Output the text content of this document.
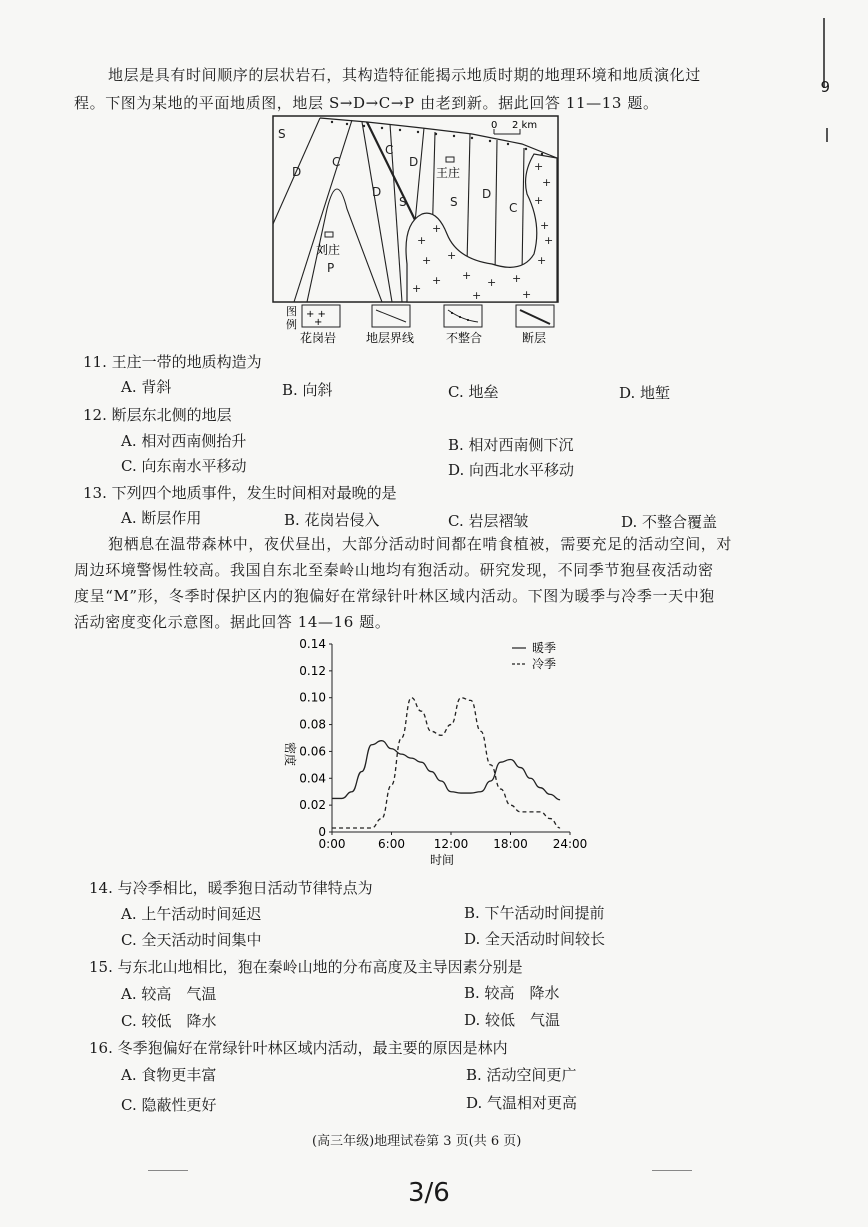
9
地层是具有时间顺序的层状岩石，其构造特征能揭示地质时期的地理环境和地质演化过
程。下图为某地的平面地质图，地层 S→D→C→P 由老到新。据此回答 11—13 题。
+
+
+ +
+ +
+ +
+
+
+
+
+
+
+
+	+
S
D
C
C
D
D
S	S
D
C
P
王庄
刘庄
0 2 km
图
例
+ +
+
花岗岩 地层界线	不整合	断层
11. 王庄一带的地质构造为
A. 背斜	B. 向斜	C. 地垒	D. 地堑
12. 断层东北侧的地层
A. 相对西南侧抬升	B. 相对西南侧下沉
C. 向东南水平移动	D. 向西北水平移动
13. 下列四个地质事件，发生时间相对最晚的是
A. 断层作用	B. 花岗岩侵入	C. 岩层褶皱	D. 不整合覆盖
狍栖息在温带森林中，夜伏昼出，大部分活动时间都在啃食植被，需要充足的活动空间，对
周边环境警惕性较高。我国自东北至秦岭山地均有狍活动。研究发现，不同季节狍昼夜活动密
度呈“M”形，冬季时保护区内的狍偏好在常绿针叶林区域内活动。下图为暖季与冷季一天中狍
活动密度变化示意图。据此回答 14—16 题。
0
0.02
0.04
0.06
0.08
0.10
0.12
0.14
0:00	6:00 12:00 18:00 24:00
密度
时间
暖季
冷季
14. 与冷季相比，暖季狍日活动节律特点为
A. 上午活动时间延迟	B. 下午活动时间提前
C. 全天活动时间集中	D. 全天活动时间较长
15. 与东北山地相比，狍在秦岭山地的分布高度及主导因素分别是
A. 较高　气温	B. 较高　降水
C. 较低　降水	D. 较低　气温
16. 冬季狍偏好在常绿针叶林区域内活动，最主要的原因是林内
A. 食物更丰富	B. 活动空间更广
C. 隐蔽性更好	D. 气温相对更高
(高三年级)地理试卷第 3 页(共 6 页)
3/6
